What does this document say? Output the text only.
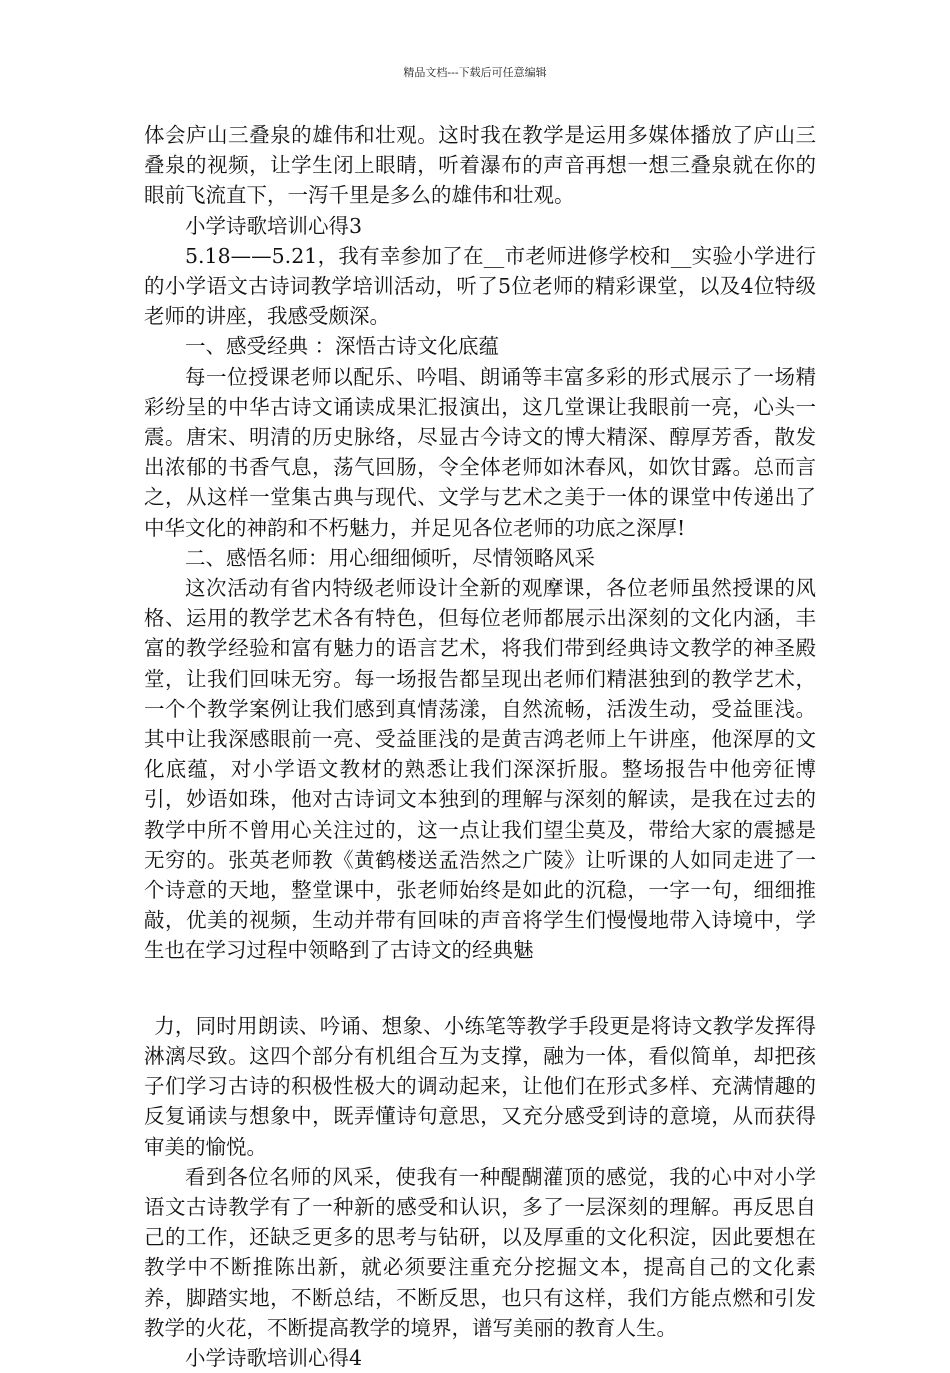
精品文档---下载后可任意编辑

体会庐山三叠泉的雄伟和壮观。这时我在教学是运用多媒体播放了庐山三叠泉的视频，让学生闭上眼睛，听着瀑布的声音再想一想三叠泉就在你的眼前飞流直下，一泻千里是多么的雄伟和壮观。

小学诗歌培训心得3

5.18——5.21，我有幸参加了在__市老师进修学校和__实验小学进行的小学语文古诗词教学培训活动，听了5位老师的精彩课堂，以及4位特级老师的讲座，我感受颇深。

一、感受经典 ：深悟古诗文化底蕴

每一位授课老师以配乐、吟唱、朗诵等丰富多彩的形式展示了一场精彩纷呈的中华古诗文诵读成果汇报演出，这几堂课让我眼前一亮，心头一震。唐宋、明清的历史脉络，尽显古今诗文的博大精深、醇厚芳香，散发出浓郁的书香气息，荡气回肠，令全体老师如沐春风，如饮甘露。总而言之，从这样一堂集古典与现代、文学与艺术之美于一体的课堂中传递出了中华文化的神韵和不朽魅力，并足见各位老师的功底之深厚!

二、感悟名师：用心细细倾听，尽情领略风采

这次活动有省内特级老师设计全新的观摩课，各位老师虽然授课的风格、运用的教学艺术各有特色，但每位老师都展示出深刻的文化内涵，丰富的教学经验和富有魅力的语言艺术，将我们带到经典诗文教学的神圣殿堂，让我们回味无穷。每一场报告都呈现出老师们精湛独到的教学艺术，一个个教学案例让我们感到真情荡漾，自然流畅，活泼生动，受益匪浅。其中让我深感眼前一亮、受益匪浅的是黄吉鸿老师上午讲座，他深厚的文化底蕴，对小学语文教材的熟悉让我们深深折服。整场报告中他旁征博引，妙语如珠，他对古诗词文本独到的理解与深刻的解读，是我在过去的教学中所不曾用心关注过的，这一点让我们望尘莫及，带给大家的震撼是无穷的。张英老师教《黄鹤楼送孟浩然之广陵》让听课的人如同走进了一个诗意的天地，整堂课中，张老师始终是如此的沉稳，一字一句，细细推敲，优美的视频，生动并带有回味的声音将学生们慢慢地带入诗境中，学生也在学习过程中领略到了古诗文的经典魅

力，同时用朗读、吟诵、想象、小练笔等教学手段更是将诗文教学发挥得淋漓尽致。这四个部分有机组合互为支撑，融为一体，看似简单，却把孩子们学习古诗的积极性极大的调动起来，让他们在形式多样、充满情趣的反复诵读与想象中，既弄懂诗句意思，又充分感受到诗的意境，从而获得审美的愉悦。

看到各位名师的风采，使我有一种醍醐灌顶的感觉，我的心中对小学语文古诗教学有了一种新的感受和认识，多了一层深刻的理解。再反思自己的工作，还缺乏更多的思考与钻研，以及厚重的文化积淀，因此要想在教学中不断推陈出新，就必须要注重充分挖掘文本，提高自己的文化素养，脚踏实地，不断总结，不断反思，也只有这样，我们方能点燃和引发教学的火花，不断提高教学的境界，谱写美丽的教育人生。

小学诗歌培训心得4
